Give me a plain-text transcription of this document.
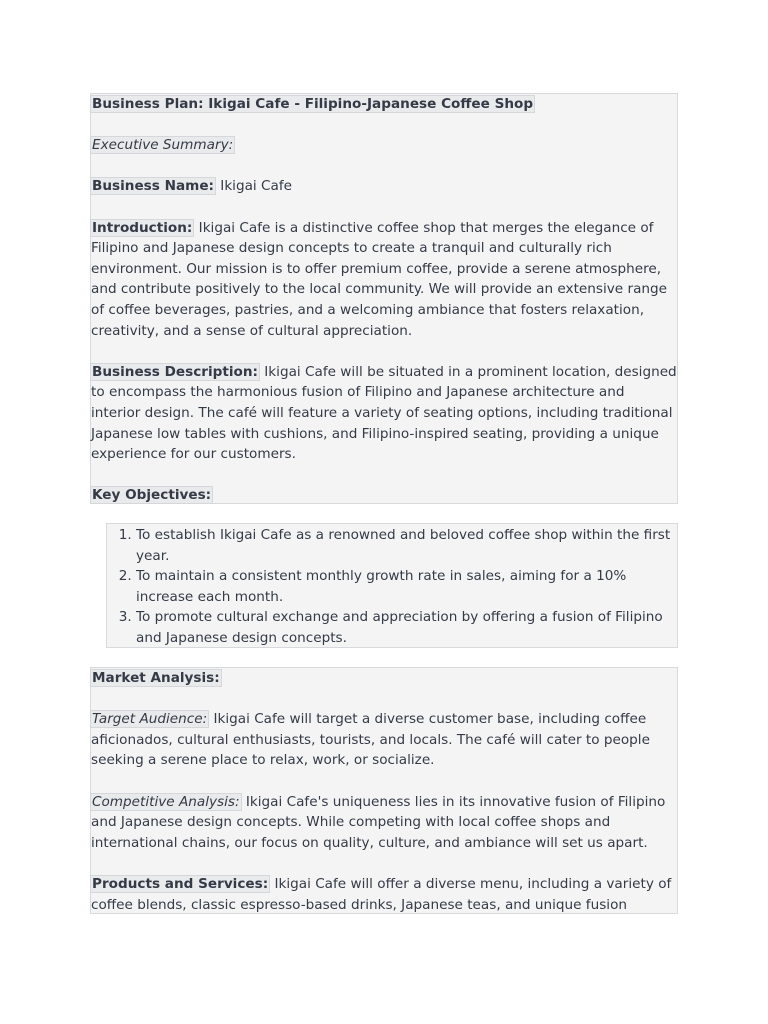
Business Plan: Ikigai Cafe - Filipino-Japanese Coffee Shop

Executive Summary:

Business Name: Ikigai Cafe

Introduction: Ikigai Cafe is a distinctive coffee shop that merges the elegance of Filipino and Japanese design concepts to create a tranquil and culturally rich environment. Our mission is to offer premium coffee, provide a serene atmosphere, and contribute positively to the local community. We will provide an extensive range of coffee beverages, pastries, and a welcoming ambiance that fosters relaxation, creativity, and a sense of cultural appreciation.

Business Description: Ikigai Cafe will be situated in a prominent location, designed to encompass the harmonious fusion of Filipino and Japanese architecture and interior design. The café will feature a variety of seating options, including traditional Japanese low tables with cushions, and Filipino-inspired seating, providing a unique experience for our customers.

Key Objectives:

1. To establish Ikigai Cafe as a renowned and beloved coffee shop within the first year.
2. To maintain a consistent monthly growth rate in sales, aiming for a 10% increase each month.
3. To promote cultural exchange and appreciation by offering a fusion of Filipino and Japanese design concepts.

Market Analysis:

Target Audience: Ikigai Cafe will target a diverse customer base, including coffee aficionados, cultural enthusiasts, tourists, and locals. The café will cater to people seeking a serene place to relax, work, or socialize.

Competitive Analysis: Ikigai Cafe's uniqueness lies in its innovative fusion of Filipino and Japanese design concepts. While competing with local coffee shops and international chains, our focus on quality, culture, and ambiance will set us apart.

Products and Services: Ikigai Cafe will offer a diverse menu, including a variety of coffee blends, classic espresso-based drinks, Japanese teas, and unique fusion
